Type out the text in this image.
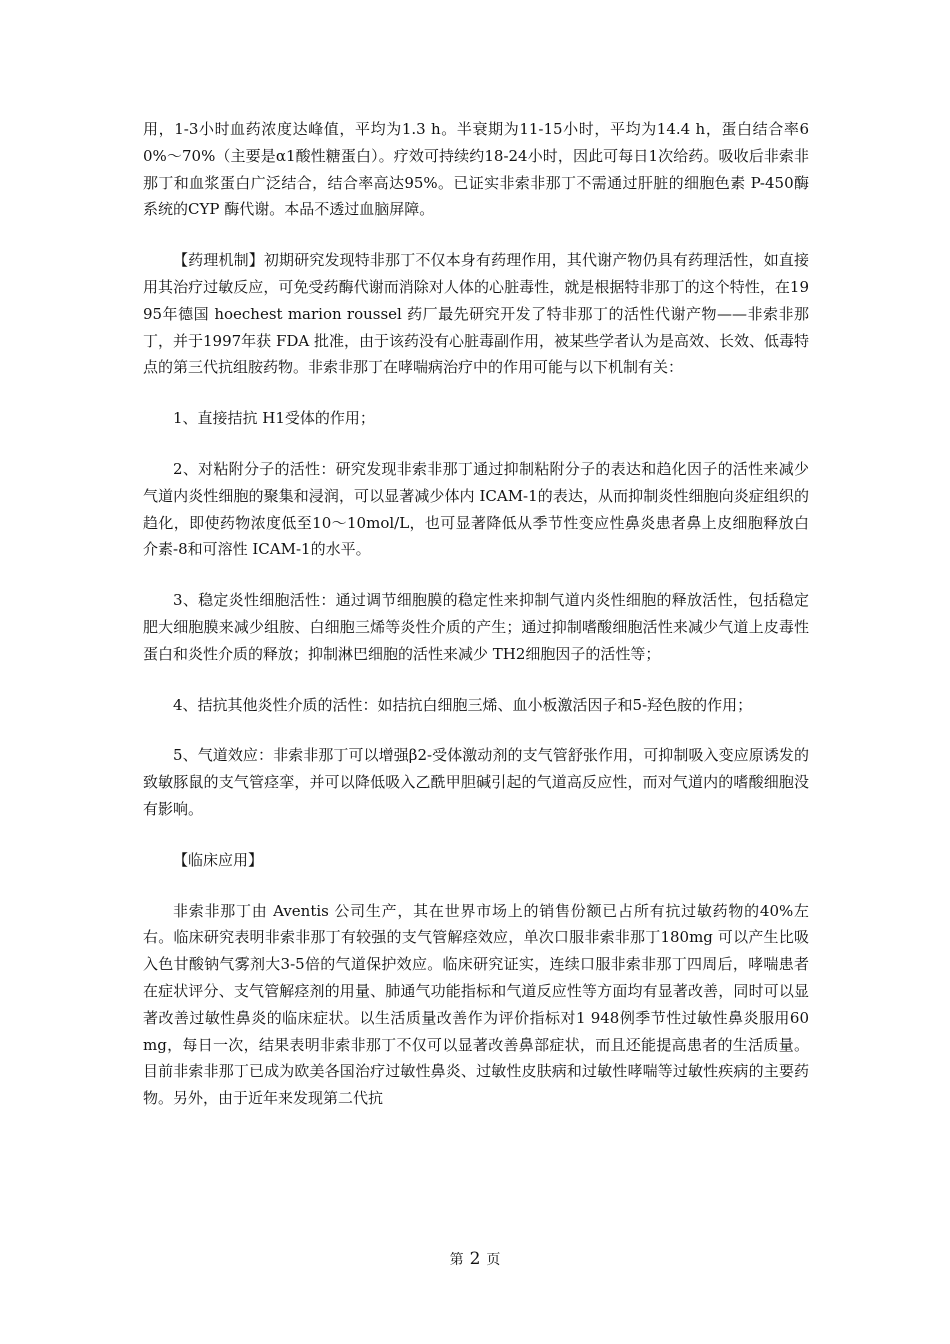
用，1-3小时血药浓度达峰值，平均为1.3 h。半衰期为11-15小时，平均为14.4 h，蛋白结合率60%～70%（主要是α1酸性糖蛋白）。疗效可持续约18-24小时，因此可每日1次给药。吸收后非索非那丁和血浆蛋白广泛结合，结合率高达95%。已证实非索非那丁不需通过肝脏的细胞色素 P-450酶系统的CYP 酶代谢。本品不透过血脑屏障。

【药理机制】初期研究发现特非那丁不仅本身有药理作用，其代谢产物仍具有药理活性，如直接用其治疗过敏反应，可免受药酶代谢而消除对人体的心脏毒性，就是根据特非那丁的这个特性，在1995年德国 hoechest marion roussel 药厂最先研究开发了特非那丁的活性代谢产物——非索非那丁，并于1997年获 FDA 批准，由于该药没有心脏毒副作用，被某些学者认为是高效、长效、低毒特点的第三代抗组胺药物。非索非那丁在哮喘病治疗中的作用可能与以下机制有关：

1、直接拮抗 H1受体的作用；

2、对粘附分子的活性：研究发现非索非那丁通过抑制粘附分子的表达和趋化因子的活性来减少气道内炎性细胞的聚集和浸润，可以显著减少体内 ICAM-1的表达，从而抑制炎性细胞向炎症组织的趋化，即使药物浓度低至10～10mol/L，也可显著降低从季节性变应性鼻炎患者鼻上皮细胞释放白介素-8和可溶性 ICAM-1的水平。

3、稳定炎性细胞活性：通过调节细胞膜的稳定性来抑制气道内炎性细胞的释放活性，包括稳定肥大细胞膜来减少组胺、白细胞三烯等炎性介质的产生；通过抑制嗜酸细胞活性来减少气道上皮毒性蛋白和炎性介质的释放；抑制淋巴细胞的活性来减少 TH2细胞因子的活性等；

4、拮抗其他炎性介质的活性：如拮抗白细胞三烯、血小板激活因子和5-羟色胺的作用；

5、气道效应：非索非那丁可以增强β2-受体激动剂的支气管舒张作用，可抑制吸入变应原诱发的致敏豚鼠的支气管痉挛，并可以降低吸入乙酰甲胆碱引起的气道高反应性，而对气道内的嗜酸细胞没有影响。

【临床应用】

非索非那丁由 Aventis 公司生产，其在世界市场上的销售份额已占所有抗过敏药物的40%左右。临床研究表明非索非那丁有较强的支气管解痉效应，单次口服非索非那丁180mg 可以产生比吸入色甘酸钠气雾剂大3-5倍的气道保护效应。临床研究证实，连续口服非索非那丁四周后，哮喘患者在症状评分、支气管解痉剂的用量、肺通气功能指标和气道反应性等方面均有显著改善，同时可以显著改善过敏性鼻炎的临床症状。以生活质量改善作为评价指标对1 948例季节性过敏性鼻炎服用60 mg，每日一次，结果表明非索非那丁不仅可以显著改善鼻部症状，而且还能提高患者的生活质量。目前非索非那丁已成为欧美各国治疗过敏性鼻炎、过敏性皮肤病和过敏性哮喘等过敏性疾病的主要药物。另外，由于近年来发现第二代抗

第 2 页
